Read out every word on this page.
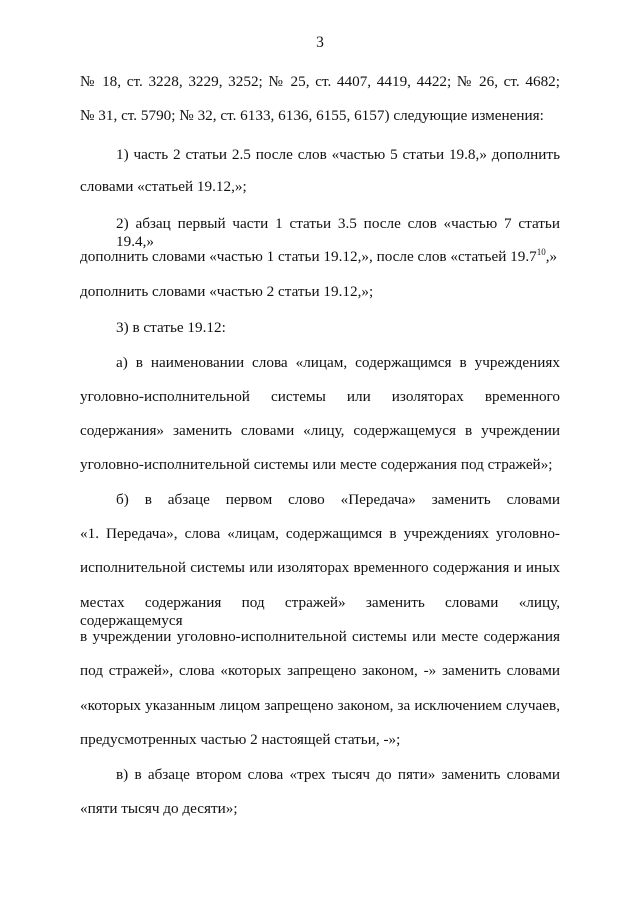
3
№ 18, ст. 3228, 3229, 3252; № 25, ст. 4407, 4419, 4422; № 26, ст. 4682;
№ 31, ст. 5790; № 32, ст. 6133, 6136, 6155, 6157) следующие изменения:
1) часть 2 статьи 2.5 после слов «частью 5 статьи 19.8,» дополнить
словами «статьей 19.12,»;
2) абзац первый части 1 статьи 3.5 после слов «частью 7 статьи 19.4,»
дополнить словами «частью 1 статьи 19.12,», после слов «статьей 19.7$^{10}$,»
дополнить словами «частью 2 статьи 19.12,»;
3) в статье 19.12:
а) в наименовании слова «лицам, содержащимся в учреждениях
уголовно-исполнительной системы или изоляторах временного
содержания» заменить словами «лицу, содержащемуся в учреждении
уголовно-исполнительной системы или месте содержания под стражей»;
б) в абзаце первом слово «Передача» заменить словами
«1. Передача», слова «лицам, содержащимся в учреждениях уголовно-
исполнительной системы или изоляторах временного содержания и иных
местах содержания под стражей» заменить словами «лицу, содержащемуся
в учреждении уголовно-исполнительной системы или месте содержания
под стражей», слова «которых запрещено законом, -» заменить словами
«которых указанным лицом запрещено законом, за исключением случаев,
предусмотренных частью 2 настоящей статьи, -»;
в) в абзаце втором слова «трех тысяч до пяти» заменить словами
«пяти тысяч до десяти»;
